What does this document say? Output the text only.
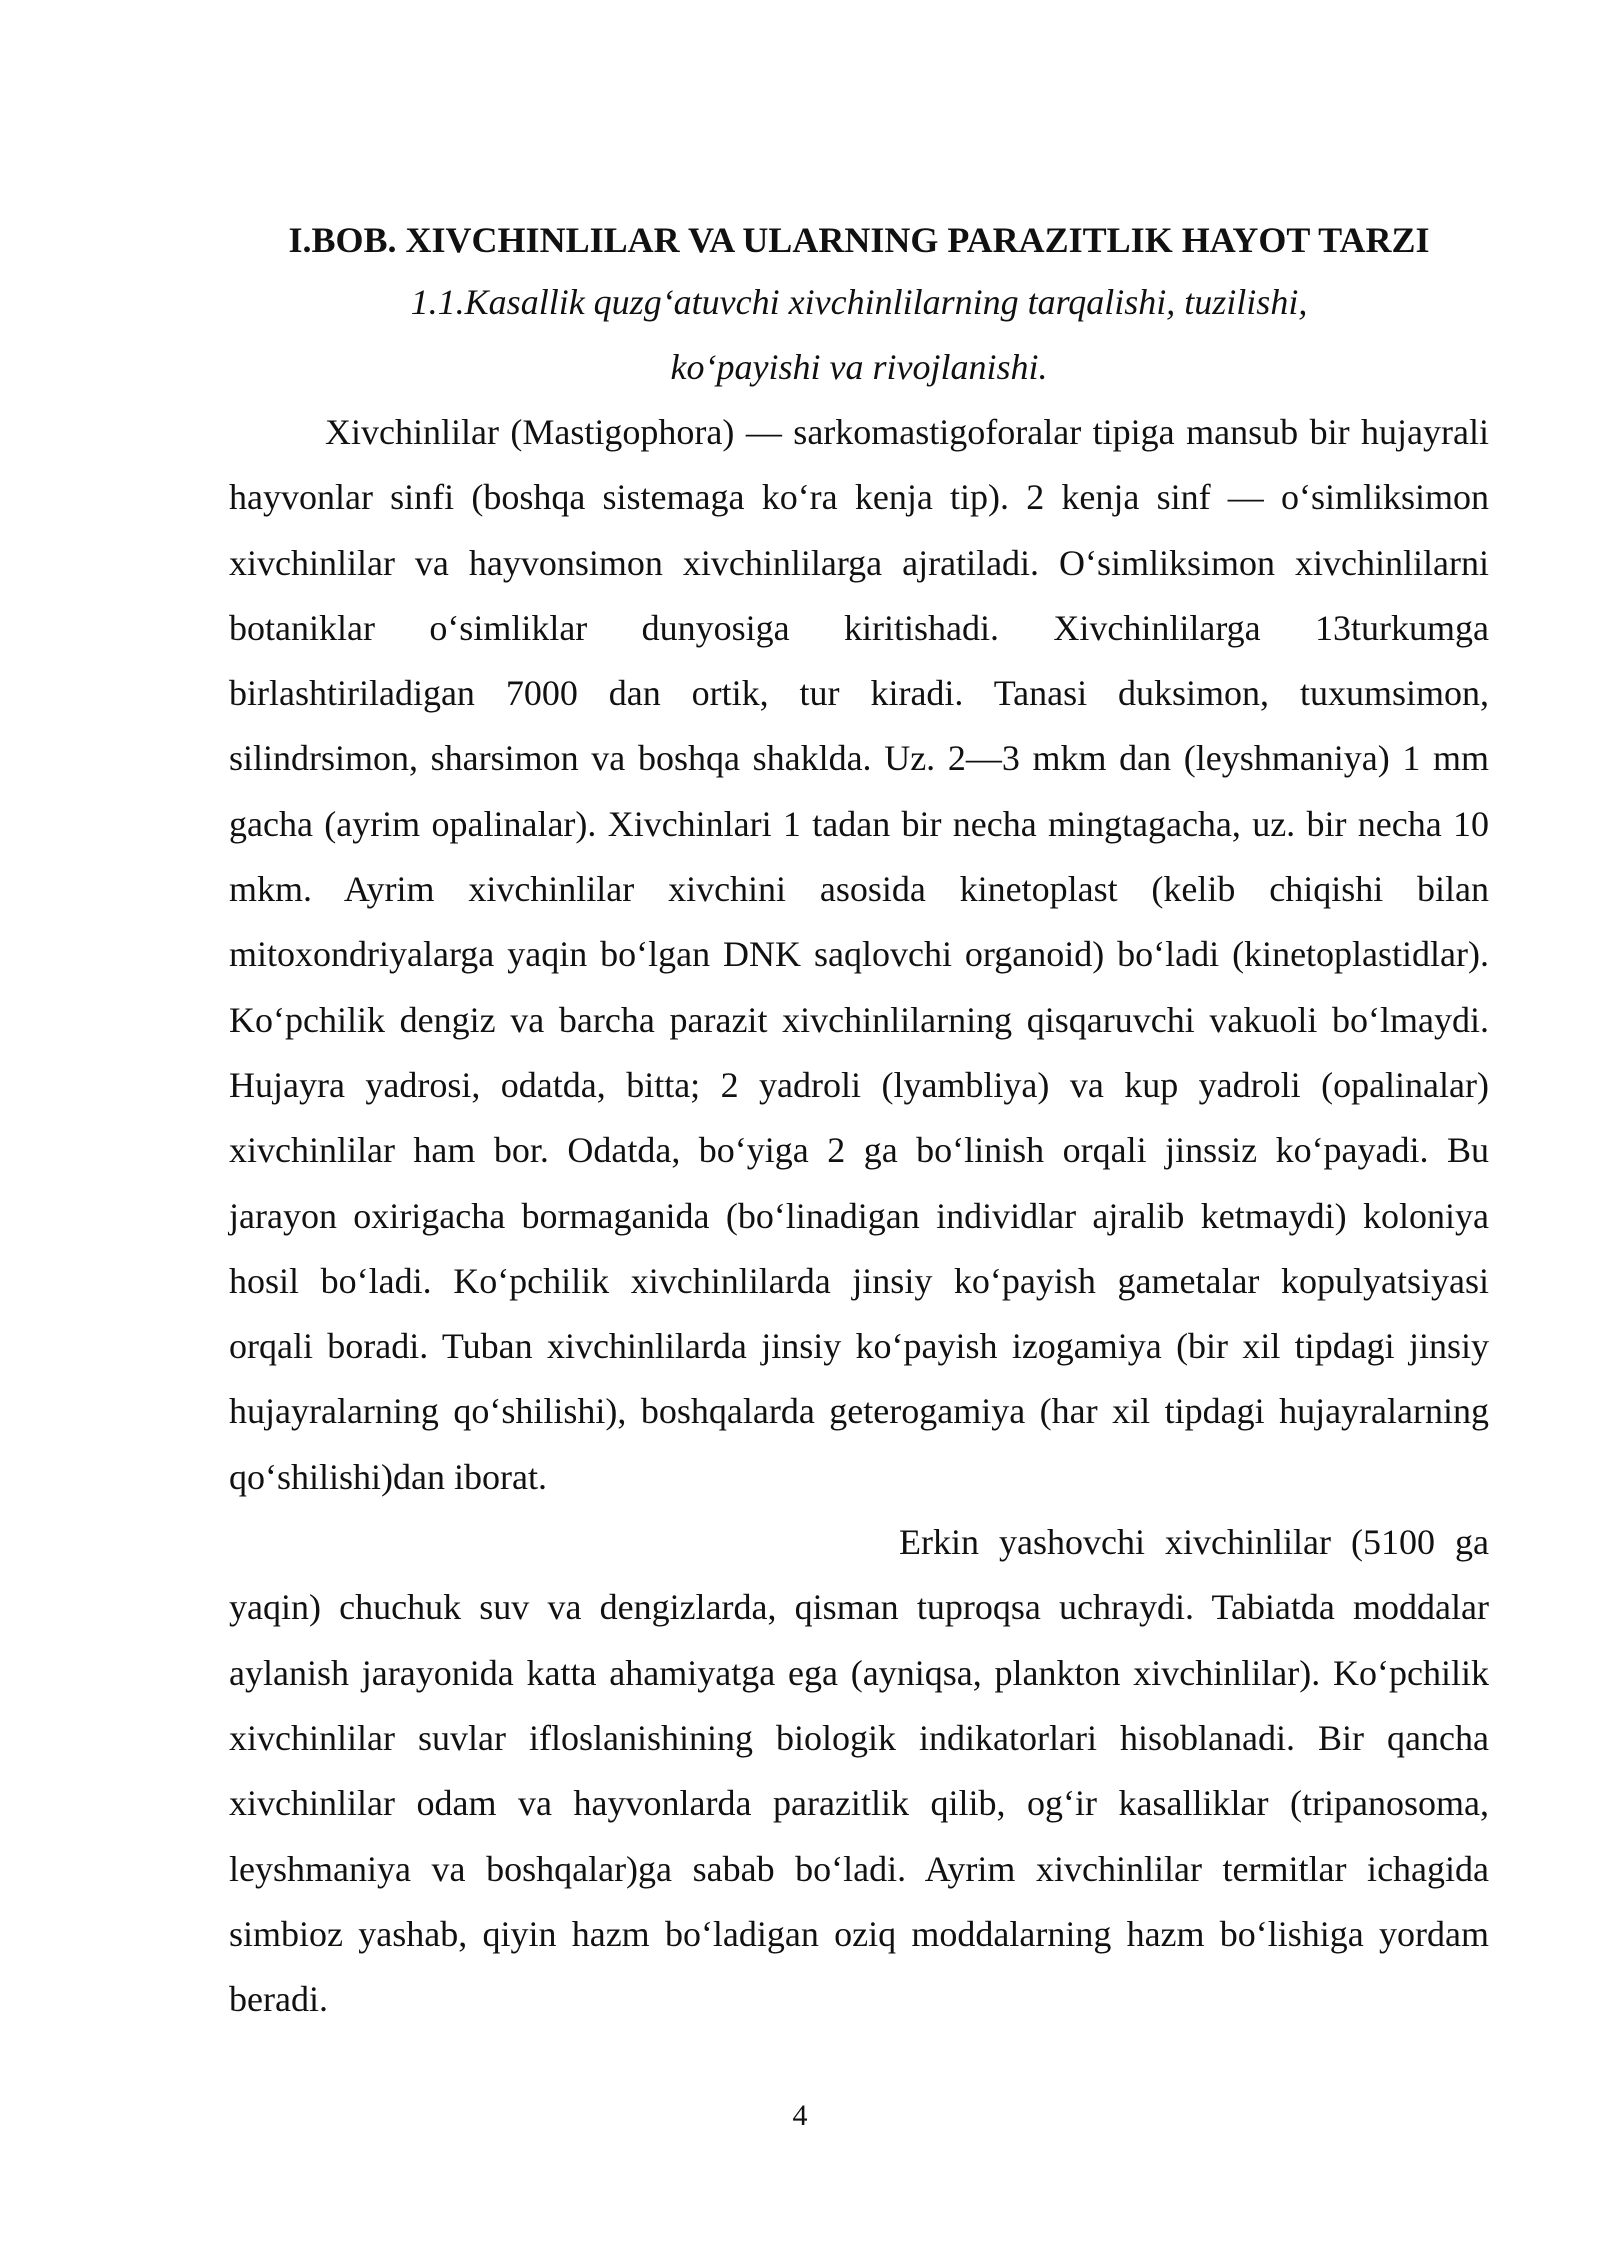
I.BOB. XIVCHINLILAR VA ULARNING PARAZITLIK HAYOT TARZI
1.1.Kasallik quzg‘atuvchi xivchinlilarning tarqalishi, tuzilishi, ko‘payishi va rivojlanishi.

Xivchinlilar (Mastigophora) — sarkomastigoforalar tipiga mansub bir hujayrali hayvonlar sinfi (boshqa sistemaga ko‘ra kenja tip). 2 kenja sinf — o‘simliksimon xivchinlilar va hayvonsimon xivchinlilarga ajratiladi. O‘simliksimon xivchinlilarni botaniklar o‘simliklar dunyosiga kiritishadi. Xivchinlilarga 13turkumga birlashtiriladigan 7000 dan ortik, tur kiradi. Tanasi duksimon, tuxumsimon, silindrsimon, sharsimon va boshqa shaklda. Uz. 2—3 mkm dan (leyshmaniya) 1 mm gacha (ayrim opalinalar). Xivchinlari 1 tadan bir necha mingtagacha, uz. bir necha 10 mkm. Ayrim xivchinlilar xivchini asosida kinetoplast (kelib chiqishi bilan mitoxondriyalarga yaqin bo‘lgan DNK saqlovchi organoid) bo‘ladi (kinetoplastidlar). Ko‘pchilik dengiz va barcha parazit xivchinlilarning qisqaruvchi vakuoli bo‘lmaydi. Hujayra yadrosi, odatda, bitta; 2 yadroli (lyambliya) va kup yadroli (opalinalar) xivchinlilar ham bor. Odatda, bo‘yiga 2 ga bo‘linish orqali jinssiz ko‘payadi. Bu jarayon oxirigacha bormaganida (bo‘linadigan individlar ajralib ketmaydi) koloniya hosil bo‘ladi. Ko‘pchilik xivchinlilarda jinsiy ko‘payish gametalar kopulyatsiyasi orqali boradi. Tuban xivchinlilarda jinsiy ko‘payish izogamiya (bir xil tipdagi jinsiy hujayralarning qo‘shilishi), boshqalarda geterogamiya (har xil tipdagi hujayralarning qo‘shilishi)dan iborat.

Erkin yashovchi xivchinlilar (5100 ga yaqin) chuchuk suv va dengizlarda, qisman tuproqsa uchraydi. Tabiatda moddalar aylanish jarayonida katta ahamiyatga ega (ayniqsa, plankton xivchinlilar). Ko‘pchilik xivchinlilar suvlar ifloslanishining biologik indikatorlari hisoblanadi. Bir qancha xivchinlilar odam va hayvonlarda parazitlik qilib, og‘ir kasalliklar (tripanosoma, leyshmaniya va boshqalar)ga sabab bo‘ladi. Ayrim xivchinlilar termitlar ichagida simbioz yashab, qiyin hazm bo‘ladigan oziq moddalarning hazm bo‘lishiga yordam beradi.

4
